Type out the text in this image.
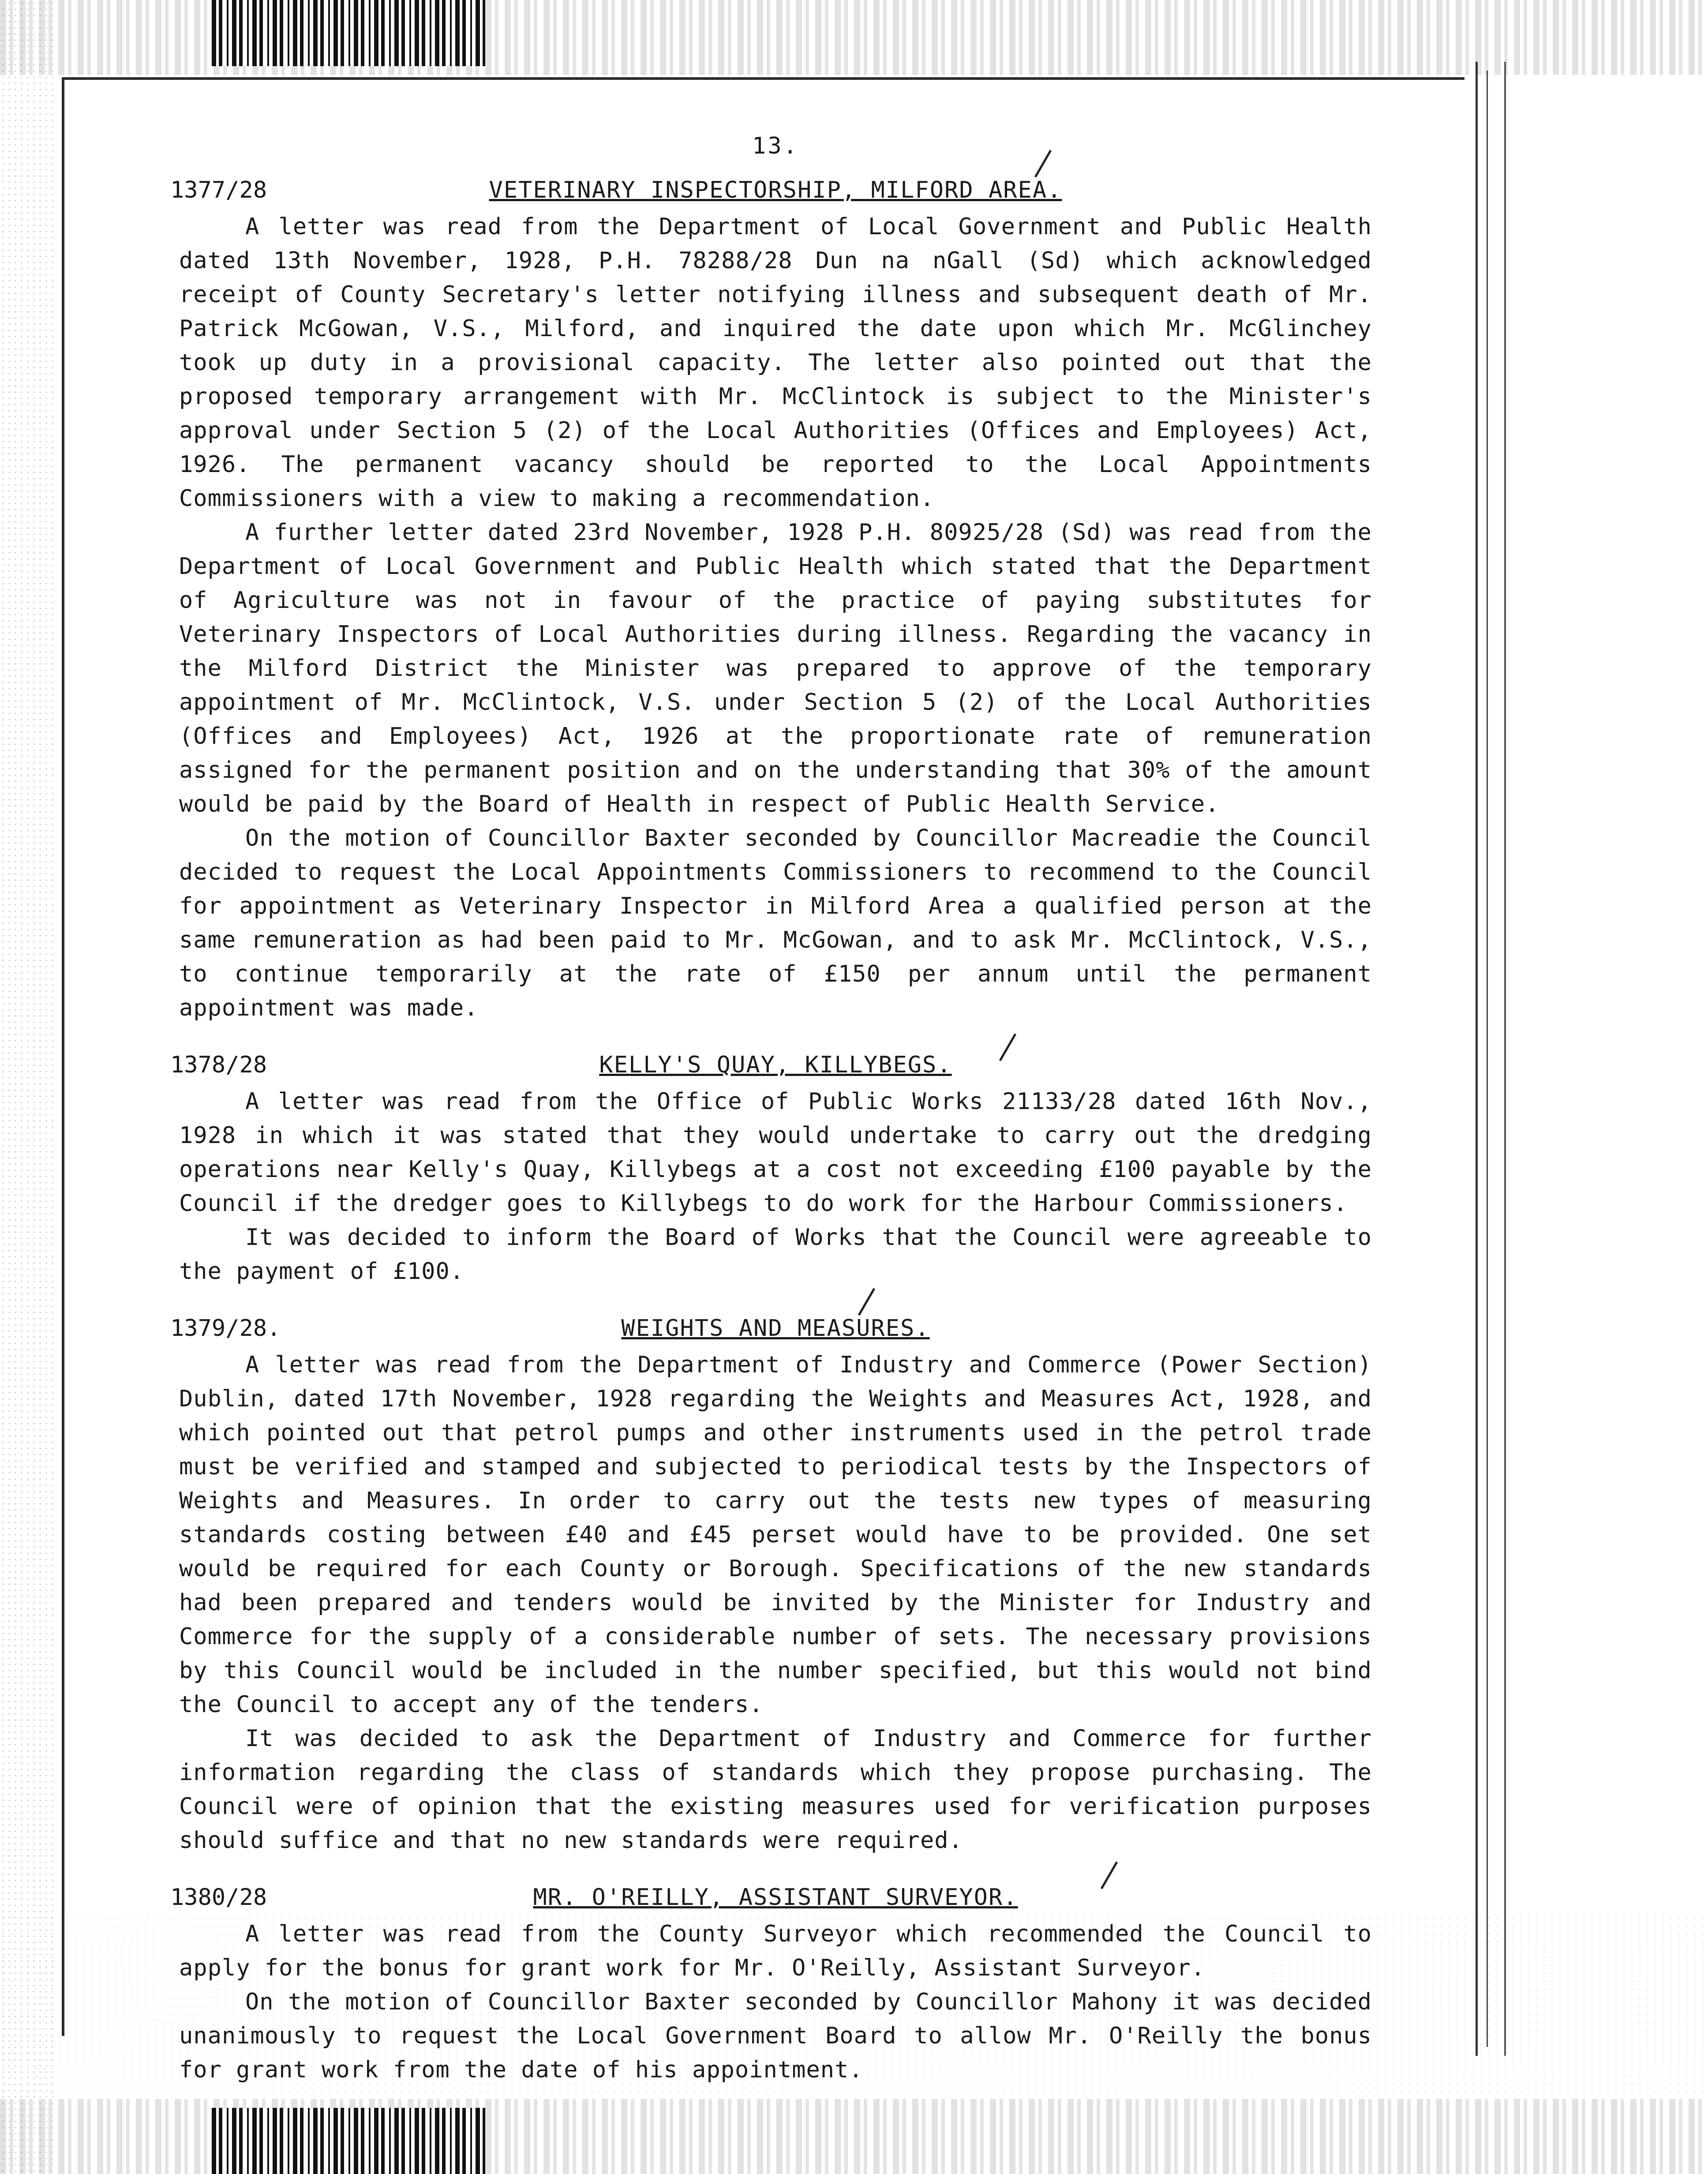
13.
1377/28	VETERINARY INSPECTORSHIP, MILFORD AREA.

A letter was read from the Department of Local Government and Public Health dated 13th November, 1928, P.H. 78288/28 Dun na nGall (Sd) which acknowledged receipt of County Secretary's letter notifying illness and subsequent death of Mr. Patrick McGowan, V.S., Milford, and inquired the date upon which Mr. McGlinchey took up duty in a provisional capacity. The letter also pointed out that the proposed temporary arrangement with Mr. McClintock is subject to the Minister's approval under Section 5 (2) of the Local Authorities (Offices and Employees) Act, 1926. The permanent vacancy should be reported to the Local Appointments Commissioners with a view to making a recommendation.

A further letter dated 23rd November, 1928 P.H. 80925/28 (Sd) was read from the Department of Local Government and Public Health which stated that the Department of Agriculture was not in favour of the practice of paying substitutes for Veterinary Inspectors of Local Authorities during illness. Regarding the vacancy in the Milford District the Minister was prepared to approve of the temporary appointment of Mr. McClintock, V.S. under Section 5 (2) of the Local Authorities (Offices and Employees) Act, 1926 at the proportionate rate of remuneration assigned for the permanent position and on the understanding that 30% of the amount would be paid by the Board of Health in respect of Public Health Service.

On the motion of Councillor Baxter seconded by Councillor Macreadie the Council decided to request the Local Appointments Commissioners to recommend to the Council for appointment as Veterinary Inspector in Milford Area a qualified person at the same remuneration as had been paid to Mr. McGowan, and to ask Mr. McClintock, V.S., to continue temporarily at the rate of £150 per annum until the permanent appointment was made.

1378/28	KELLY'S QUAY, KILLYBEGS.

A letter was read from the Office of Public Works 21133/28 dated 16th Nov., 1928 in which it was stated that they would undertake to carry out the dredging operations near Kelly's Quay, Killybegs at a cost not exceeding £100 payable by the Council if the dredger goes to Killybegs to do work for the Harbour Commissioners.

It was decided to inform the Board of Works that the Council were agreeable to the payment of £100.

1379/28.	WEIGHTS AND MEASURES.

A letter was read from the Department of Industry and Commerce (Power Section) Dublin, dated 17th November, 1928 regarding the Weights and Measures Act, 1928, and which pointed out that petrol pumps and other instruments used in the petrol trade must be verified and stamped and subjected to periodical tests by the Inspectors of Weights and Measures. In order to carry out the tests new types of measuring standards costing between £40 and £45 perset would have to be provided. One set would be required for each County or Borough. Specifications of the new standards had been prepared and tenders would be invited by the Minister for Industry and Commerce for the supply of a considerable number of sets. The necessary provisions by this Council would be included in the number specified, but this would not bind the Council to accept any of the tenders.

It was decided to ask the Department of Industry and Commerce for further information regarding the class of standards which they propose purchasing. The Council were of opinion that the existing measures used for verification purposes should suffice and that no new standards were required.

1380/28	MR. O'REILLY, ASSISTANT SURVEYOR.

A letter was read from the County Surveyor which recommended the Council to apply for the bonus for grant work for Mr. O'Reilly, Assistant Surveyor.

On the motion of Councillor Baxter seconded by Councillor Mahony it was decided unanimously to request the Local Government Board to allow Mr. O'Reilly the bonus for grant work from the date of his appointment.
